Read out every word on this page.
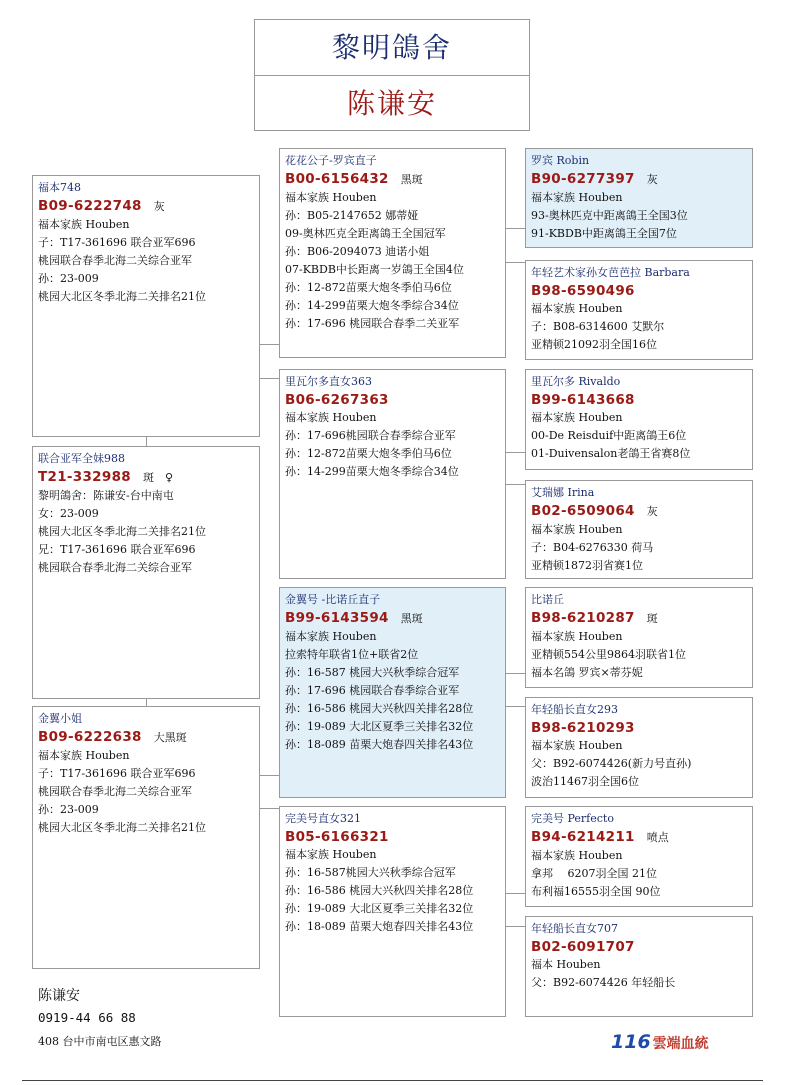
黎明鴿舍
陈谦安
福本748
B09-6222748 灰
福本家族 Houben
子：T17-361696 联合亚军696
桃园联合春季北海二关综合亚军
孙：23-009
桃园大北区冬季北海二关排名21位
联合亚军全妹988
T21-332988 斑　♀
黎明鴿舍：陈谦安-台中南屯
女：23-009
桃园大北区冬季北海二关排名21位
兄：T17-361696 联合亚军696
桃园联合春季北海二关综合亚军
金翼小姐
B09-6222638 大黑斑
福本家族 Houben
子：T17-361696 联合亚军696
桃园联合春季北海二关综合亚军
孙：23-009
桃园大北区冬季北海二关排名21位
花花公子-罗宾直子
B00-6156432 黑斑
福本家族 Houben
孙：B05-2147652 娜蒂娅
09-奥林匹克全距离鴿王全国冠军
孙：B06-2094073 迪诺小姐
07-KBDB中长距离一岁鴿王全国4位
孙：12-872苗栗大炮冬季伯马6位
孙：14-299苗栗大炮冬季综合34位
孙：17-696 桃园联合春季二关亚军
里瓦尔多直女363
B06-6267363
福本家族 Houben
孙：17-696桃园联合春季综合亚军
孙：12-872苗栗大炮冬季伯马6位
孙：14-299苗栗大炮冬季综合34位
金翼号 -比诺丘直子
B99-6143594 黑斑
福本家族 Houben
拉索特年联省1位+联省2位
孙：16-587 桃园大兴秋季综合冠军
孙：17-696 桃园联合春季综合亚军
孙：16-586 桃园大兴秋四关排名28位
孙：19-089 大北区夏季三关排名32位
孙：18-089 苗栗大炮春四关排名43位
完美号直女321
B05-6166321
福本家族 Houben
孙：16-587桃园大兴秋季综合冠军
孙：16-586 桃园大兴秋四关排名28位
孙：19-089 大北区夏季三关排名32位
孙：18-089 苗栗大炮春四关排名43位
罗宾 Robin
B90-6277397 灰
福本家族 Houben
93-奥林匹克中距离鴿王全国3位
91-KBDB中距离鴿王全国7位
年轻艺术家孙女芭芭拉 Barbara
B98-6590496
福本家族 Houben
子：B08-6314600 艾默尔
亚精顿21092羽全国16位
里瓦尔多 Rivaldo
B99-6143668
福本家族 Houben
00-De Reisduif中距离鴿王6位
01-Duivensalon老鴿王省赛8位
艾瑞娜 Irina
B02-6509064 灰
福本家族 Houben
子：B04-6276330 荷马
亚精顿1872羽省赛1位
比诺丘
B98-6210287 斑
福本家族 Houben
亚精顿554公里9864羽联省1位
福本名鴿 罗宾×蒂芬妮
年轻船长直女293
B98-6210293
福本家族 Houben
父：B92-6074426(新力号直孙)
波治11467羽全国6位
完美号 Perfecto
B94-6214211 喷点
福本家族 Houben
拿邦　 6207羽全国 21位
布利福16555羽全国 90位
年轻船长直女707
B02-6091707
福本 Houben
父：B92-6074426 年轻船长
陈谦安
0919-44 66 88
408 台中市南屯区惠文路	116 雲端血統
